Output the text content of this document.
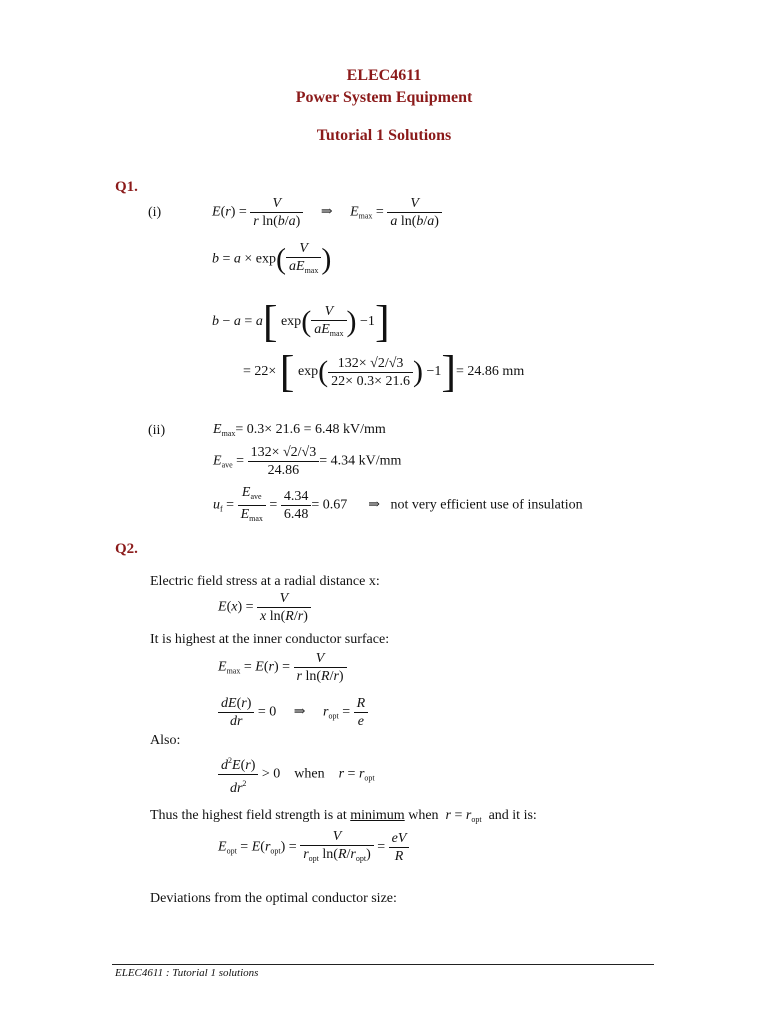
ELEC4611
Power System Equipment
Tutorial 1 Solutions
Q1.
(i)	$E(r) = \frac{V}{\text{r ln(b/a)}}$ ⇒     $E_{max} = \frac{V}{\text{a ln(b/a)}}$
$b = a \times \exp( \frac{V}{aE_{max}}$ )
b − a = a[ $\exp( \frac{V}{aE_{max}}$ ) −1]
= 22× [ $\exp( \frac{132\times √2/√3}{22\times 0.3\times 21.6}$ ) −1]= 24.86 mm
(ii)	$E_{max}= 0.3\times 21.6 = 6.48$ kV/mm
$E_{ave} = \frac{132\times √2/√3}{24.86} = 4.34$ kV/mm
$u_f = \frac{E_{ave}}{E_{max}} = \frac{4.34}{6.48} = 0.67$      ⇒   not very efficient use of insulation
Q2.
Electric field stress at a radial distance x:
$E(x) = \frac{V}{\text{x ln(R/r)}}$
It is highest at the inner conductor surface:
$E_{max} = E(r) = \frac{V}{\text{r ln(R/r)}}$
$\frac{dE(r)}{dr} = 0$     ⇒     $r_{opt} = \frac{R}{e}$
Also:
$\frac{d^2E(r)}{dr^2} > 0$    when $r = r_{opt}$
Thus the highest field strength is at minimum when  $r = r_{opt}$ and it is:
$E_{opt} = E(r_{opt}) = \frac{V}{r_{opt} \ln(R/r_{opt})} = \frac{eV}{R}$
Deviations from the optimal conductor size:
ELEC4611 : Tutorial 1 solutions
